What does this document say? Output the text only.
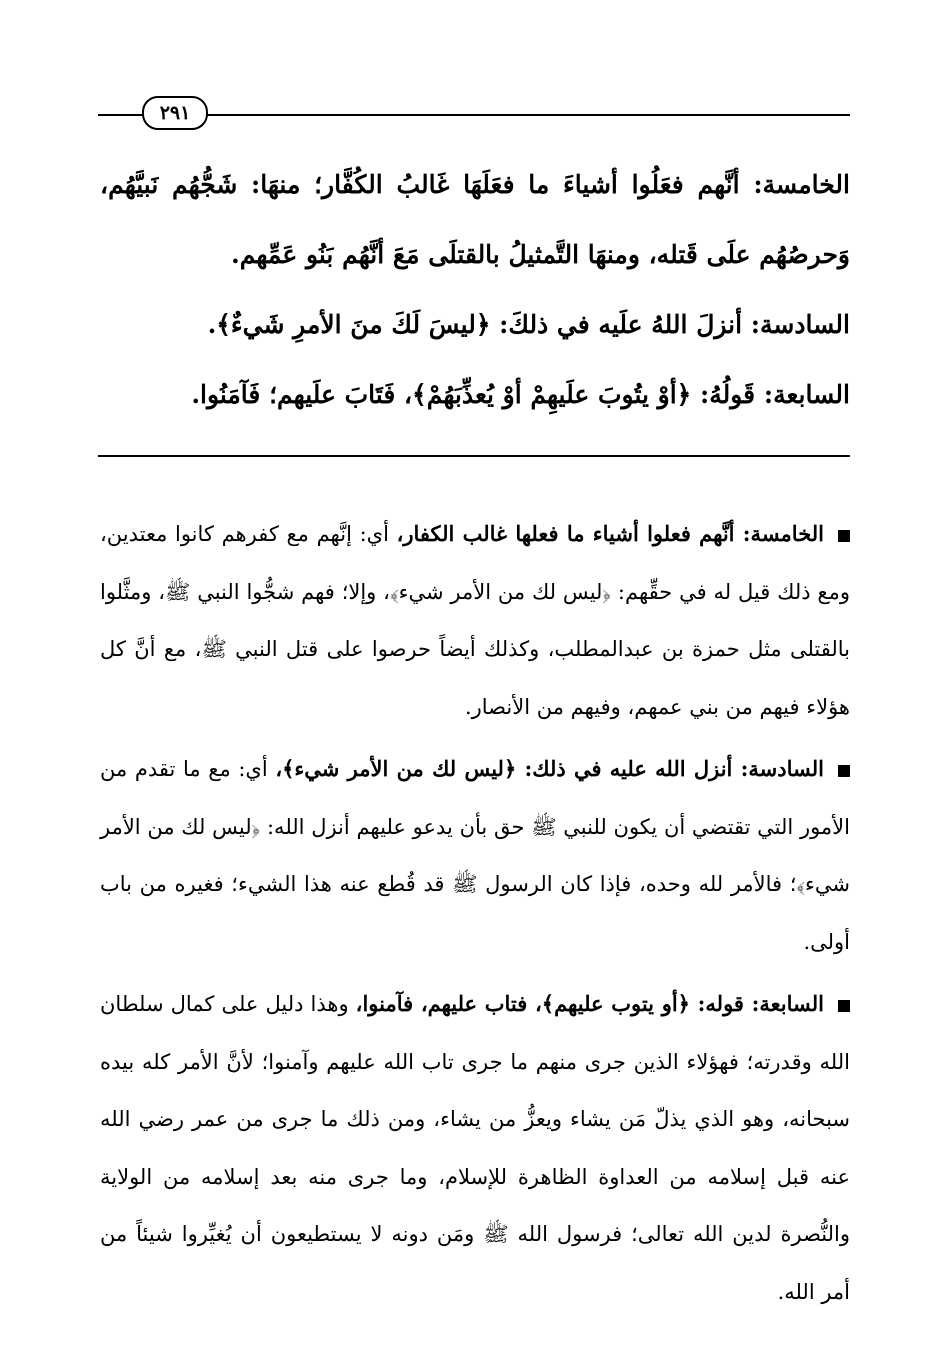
٢٩١

الخامسة: أنَّهم فعَلُوا أشياءَ ما فعَلَهَا غَالبُ الكُفَّار؛ منهَا: شَجُّهُم نَبيَّهُم، وَحرصُهُم علَى قَتله، ومنهَا التَّمثيلُ بالقتلَى مَعَ أنَّهُم بَنُو عَمِّهم.

السادسة: أنزلَ اللهُ علَيه في ذلكَ: ﴿ليسَ لَكَ منَ الأمرِ شَيءٌ﴾.

السابعة: قَولُهُ: ﴿أوْ يتُوبَ علَيهِمْ أوْ يُعذِّبَهُمْ﴾، فَتَابَ علَيهم؛ فَآمَنُوا.

الخامسة: أنَّهم فعلوا أشياء ما فعلها غالب الكفار، أي: إنَّهم مع كفرهم كانوا معتدين، ومع ذلك قيل له في حقِّهم: ﴿ليس لك من الأمر شيء﴾، وإلا؛ فهم شجُّوا النبي ﷺ، ومثَّلوا بالقتلى مثل حمزة بن عبدالمطلب، وكذلك أيضاً حرصوا على قتل النبي ﷺ، مع أنَّ كل هؤلاء فيهم من بني عمهم، وفيهم من الأنصار.

السادسة: أنزل الله عليه في ذلك: ﴿ليس لك من الأمر شيء﴾، أي: مع ما تقدم من الأمور التي تقتضي أن يكون للنبي ﷺ حق بأن يدعو عليهم أنزل الله: ﴿ليس لك من الأمر شيء﴾؛ فالأمر لله وحده، فإذا كان الرسول ﷺ قد قُطع عنه هذا الشيء؛ فغيره من باب أولى.

السابعة: قوله: ﴿أو يتوب عليهم﴾، فتاب عليهم، فآمنوا، وهذا دليل على كمال سلطان الله وقدرته؛ فهؤلاء الذين جرى منهم ما جرى تاب الله عليهم وآمنوا؛ لأنَّ الأمر كله بيده سبحانه، وهو الذي يذلّ مَن يشاء ويعزُّ من يشاء، ومن ذلك ما جرى من عمر رضي الله عنه قبل إسلامه من العداوة الظاهرة للإسلام، وما جرى منه بعد إسلامه من الولاية والنُّصرة لدين الله تعالى؛ فرسول الله ﷺ ومَن دونه لا يستطيعون أن يُغيِّروا شيئاً من أمر الله.
